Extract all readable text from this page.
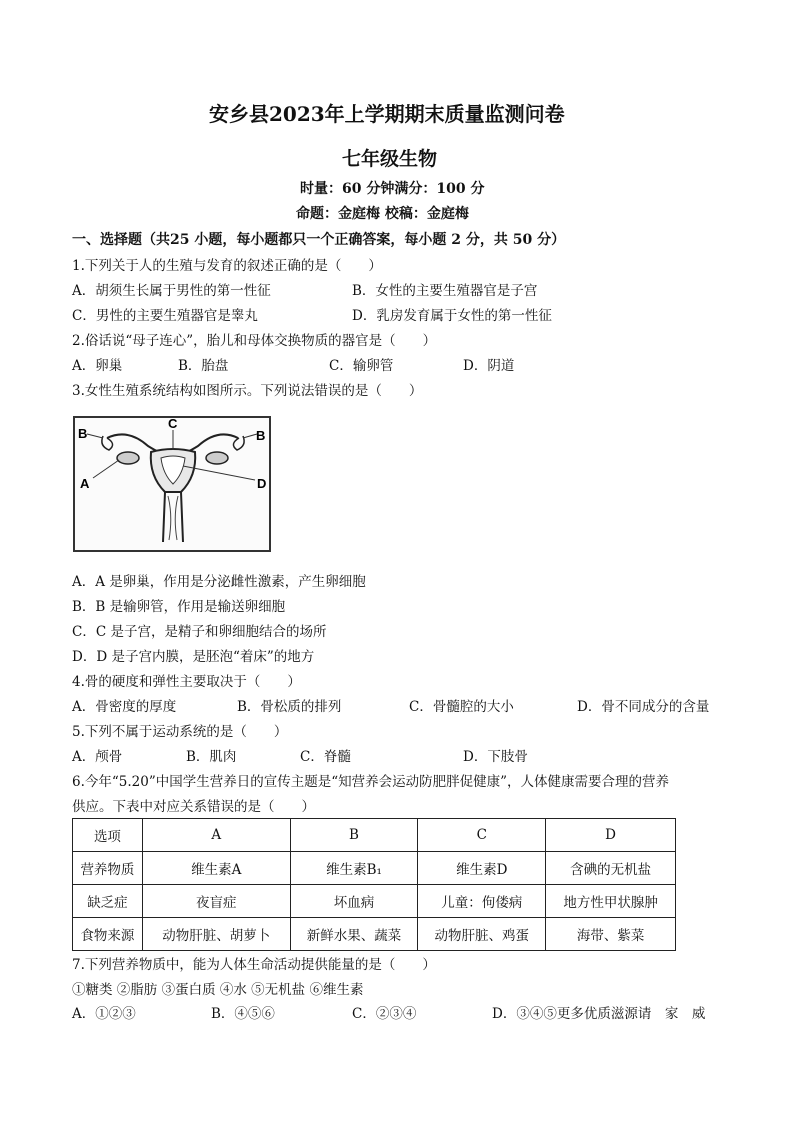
安乡县2023年上学期期末质量监测问卷
七年级生物
时量：60 分钟满分：100 分
命题：金庭梅 校稿：金庭梅
一、选择题（共25 小题，每小题都只一个正确答案，每小题 2 分，共 50 分）
1.下列关于人的生殖与发育的叙述正确的是（　　）
A．胡须生长属于男性的第一性征	B．女性的主要生殖器官是子宫
C．男性的主要生殖器官是睾丸	D．乳房发育属于女性的第一性征
2.俗话说“母子连心”，胎儿和母体交换物质的器官是（　　）
A．卵巢	B．胎盘	C．输卵管	D．阴道
3.女性生殖系统结构如图所示。下列说法错误的是（　　）
B	B
C
A	D
A．A 是卵巢，作用是分泌雌性激素，产生卵细胞
B．B 是输卵管，作用是输送卵细胞
C．C 是子宫，是精子和卵细胞结合的场所
D．D 是子宫内膜，是胚泡“着床”的地方
4.骨的硬度和弹性主要取决于（　　）
A．骨密度的厚度	B．骨松质的排列	C．骨髓腔的大小	D．骨不同成分的含量
5.下列不属于运动系统的是（　　）
A．颅骨	B．肌肉	C．脊髓	D．下肢骨
6.今年“5.20”中国学生营养日的宣传主题是“知营养会运动防肥胖促健康”，人体健康需要合理的营养
供应。下表中对应关系错误的是（　　）
选项	A	B	C	D
营养物质	维生素A	维生素B₁	维生素D	含碘的无机盐
缺乏症	夜盲症	坏血病	儿童：佝偻病	地方性甲状腺肿
食物来源	动物肝脏、胡萝卜	新鲜水果、蔬菜	动物肝脏、鸡蛋	海带、紫菜
7.下列营养物质中，能为人体生命活动提供能量的是（　　）
①糖类 ②脂肪 ③蛋白质 ④水 ⑤无机盐 ⑥维生素
A．①②③	B．④⑤⑥	C．②③④	D．③④⑤更多优质滋源请　家　威
